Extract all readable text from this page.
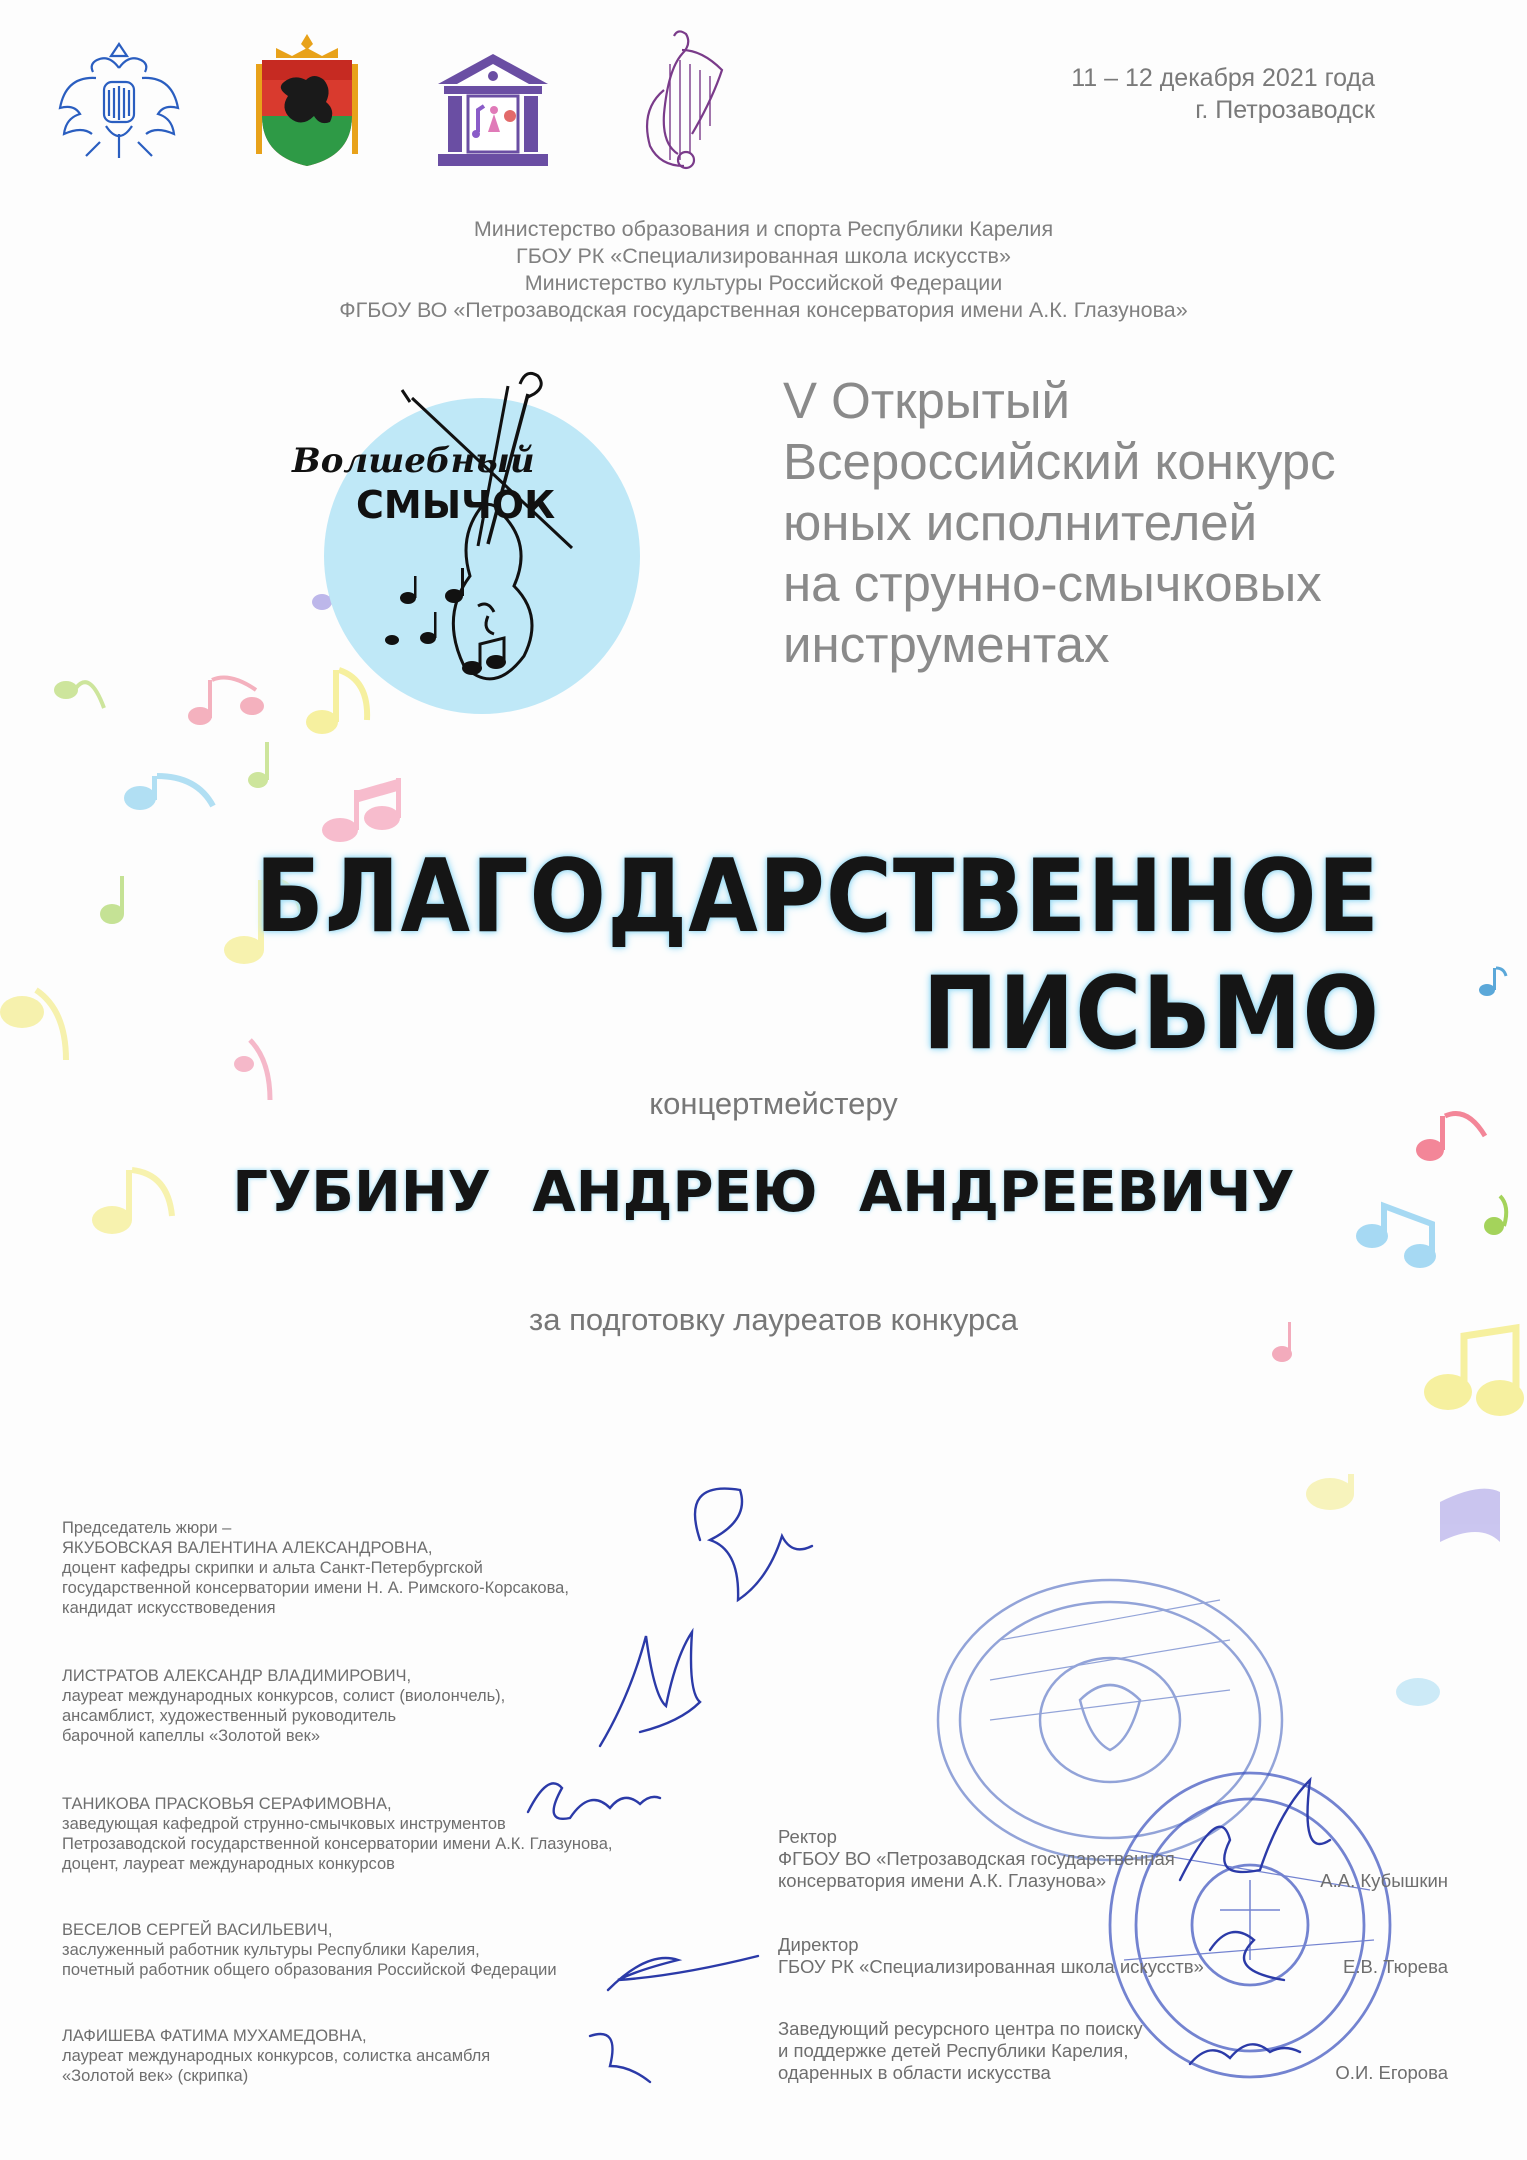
11 – 12 декабря 2021 года
г. Петрозаводск
Министерство образования и спорта Республики Карелия
ГБОУ РК «Специализированная школа искусств»
Министерство культуры Российской Федерации
ФГБОУ ВО «Петрозаводская государственная консерватория имени А.К. Глазунова»
Волшебный
СМЫЧОК
V Открытый
Всероссийский конкурс
юных исполнителей
на струнно-смычковых
инструментах
БЛАГОДАРСТВЕННОЕ
ПИСЬМО
концертмейстеру
ГУБИНУ АНДРЕЮ АНДРЕЕВИЧУ
за подготовку лауреатов конкурса
Председатель жюри –
ЯКУБОВСКАЯ ВАЛЕНТИНА АЛЕКСАНДРОВНА,
доцент кафедры скрипки и альта Санкт-Петербургской
государственной консерватории имени Н. А. Римского-Корсакова,
кандидат искусствоведения
ЛИСТРАТОВ АЛЕКСАНДР ВЛАДИМИРОВИЧ,
лауреат международных конкурсов, солист (виолончель),
ансамблист, художественный руководитель
барочной капеллы «Золотой век»
ТАНИКОВА ПРАСКОВЬЯ СЕРАФИМОВНА,
заведующая кафедрой струнно-смычковых инструментов
Петрозаводской государственной консерватории имени А.К. Глазунова,
доцент, лауреат международных конкурсов
ВЕСЕЛОВ СЕРГЕЙ ВАСИЛЬЕВИЧ,
заслуженный работник культуры Республики Карелия,
почетный работник общего образования Российской Федерации
ЛАФИШЕВА ФАТИМА МУХАМЕДОВНА,
лауреат международных конкурсов, солистка ансамбля
«Золотой век» (скрипка)
Ректор
ФГБОУ ВО «Петрозаводская государственная
консерватория имени А.К. Глазунова»	А.А. Кубышкин
Директор
ГБОУ РК «Специализированная школа искусств»	Е.В. Тюрева
Заведующий ресурсного центра по поиску
и поддержке детей Республики Карелия,
одаренных в области искусства	О.И. Егорова
